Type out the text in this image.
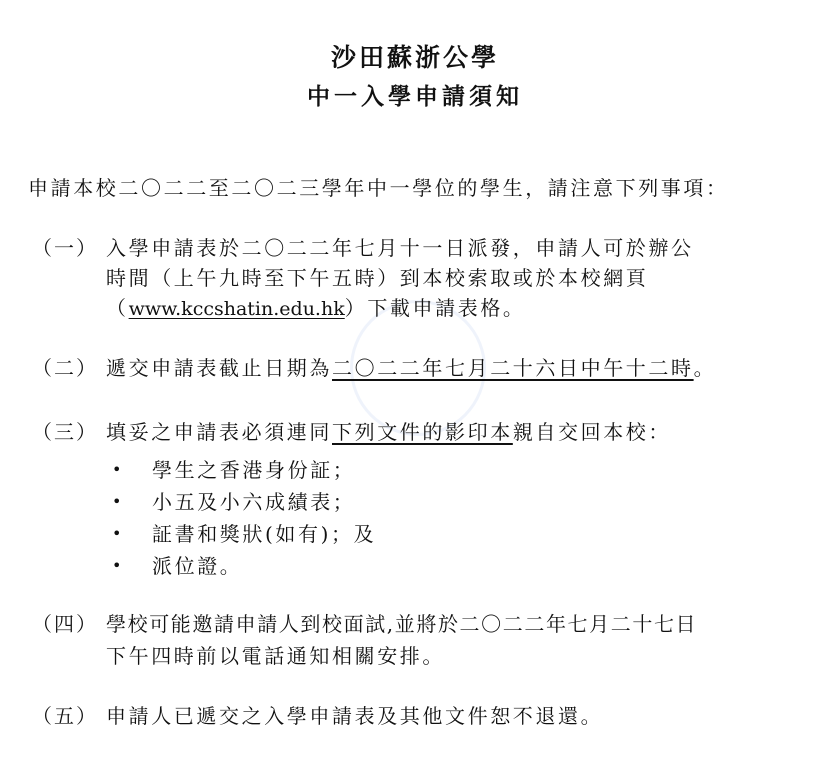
沙田蘇浙公學
中一入學申請須知
申請本校二〇二二至二〇二三學年中一學位的學生，請注意下列事項：
（一） 入學申請表於二〇二二年七月十一日派發，申請人可於辦公
時間（上午九時至下午五時）到本校索取或於本校網頁
（www.kccshatin.edu.hk）下載申請表格。
（二） 遞交申請表截止日期為二〇二二年七月二十六日中午十二時。
（三） 填妥之申請表必須連同下列文件的影印本親自交回本校：
• 學生之香港身份証；
• 小五及小六成績表；
• 証書和獎狀(如有)；及
• 派位證。
（四） 學校可能邀請申請人到校面試,並將於二〇二二年七月二十七日
下午四時前以電話通知相關安排。
（五） 申請人已遞交之入學申請表及其他文件恕不退還。
